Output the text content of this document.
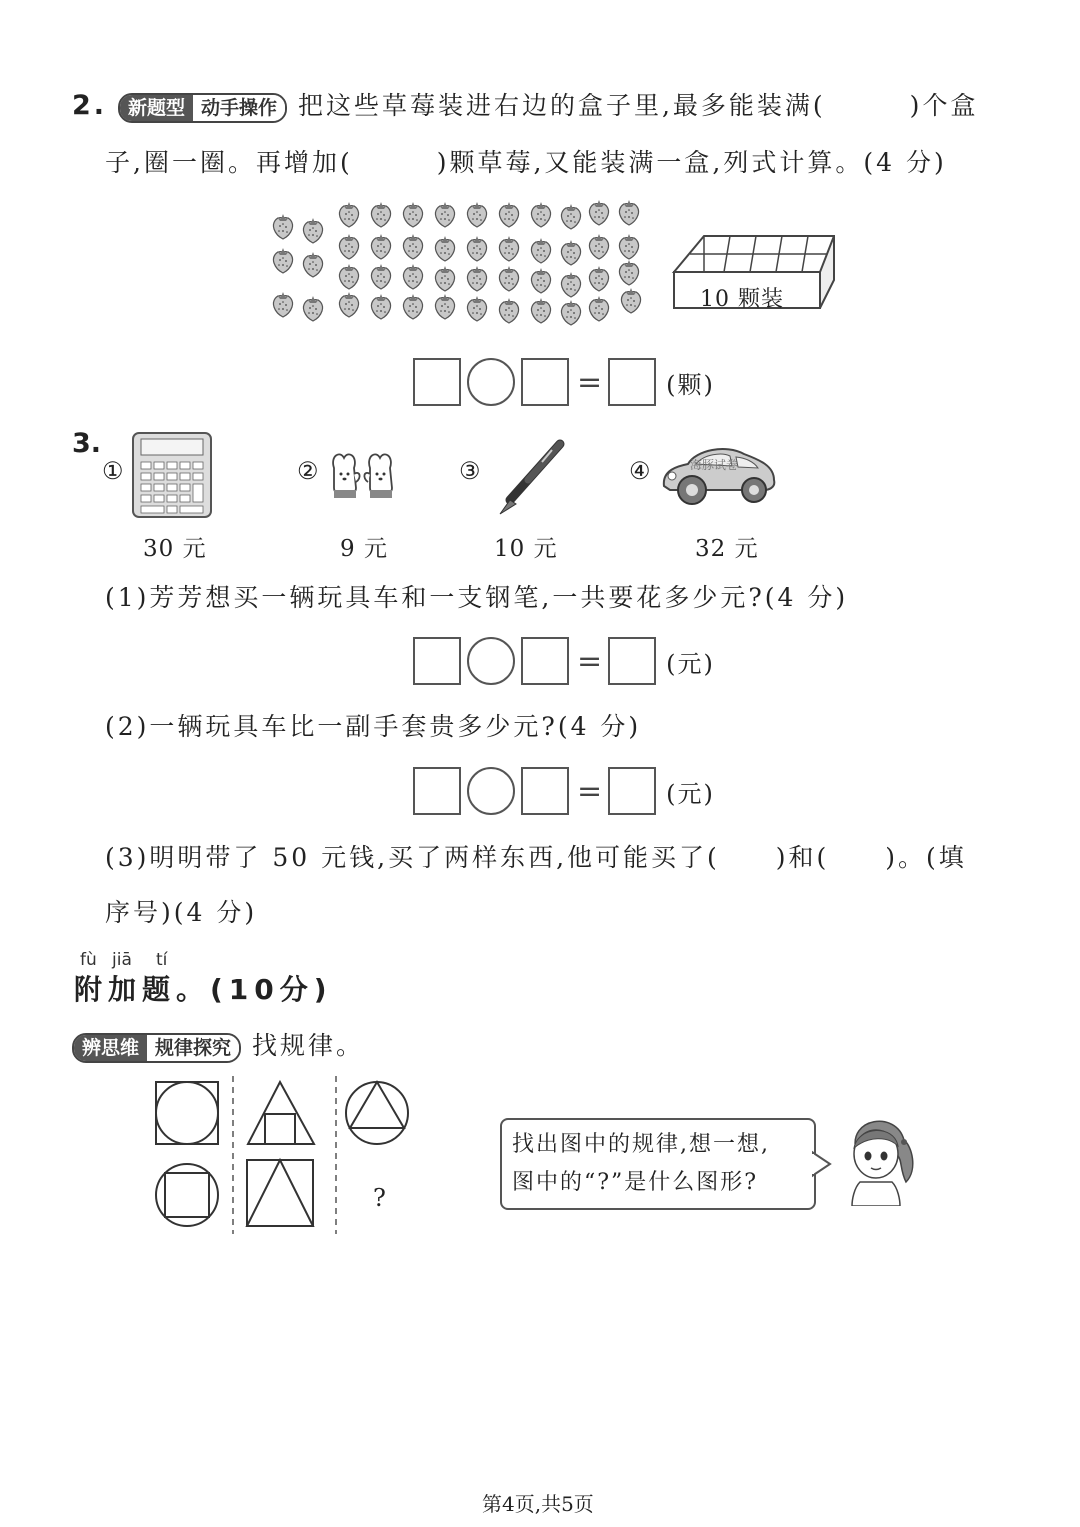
2. 新题型 动手操作 把这些草莓装进右边的盒子里,最多能装满(　　　)个盒
子,圈一圈。再增加(　　　)颗草莓,又能装满一盒,列式计算。(4 分)
10 颗装
=	(颗)
3.
①
30 元
②
9 元
③
10 元
④	海豚试卷
32 元
(1)芳芳想买一辆玩具车和一支钢笔,一共要花多少元?(4 分)
=	(元)
(2)一辆玩具车比一副手套贵多少元?(4 分)
=	(元)
(3)明明带了 50 元钱,买了两样东西,他可能买了(　　)和(　　)。(填
序号)(4 分)
fù jiā tí
附加题。(10分)
辨思维 规律探究 找规律。
?
找出图中的规律,想一想,
图中的“?”是什么图形?
第4页,共5页
